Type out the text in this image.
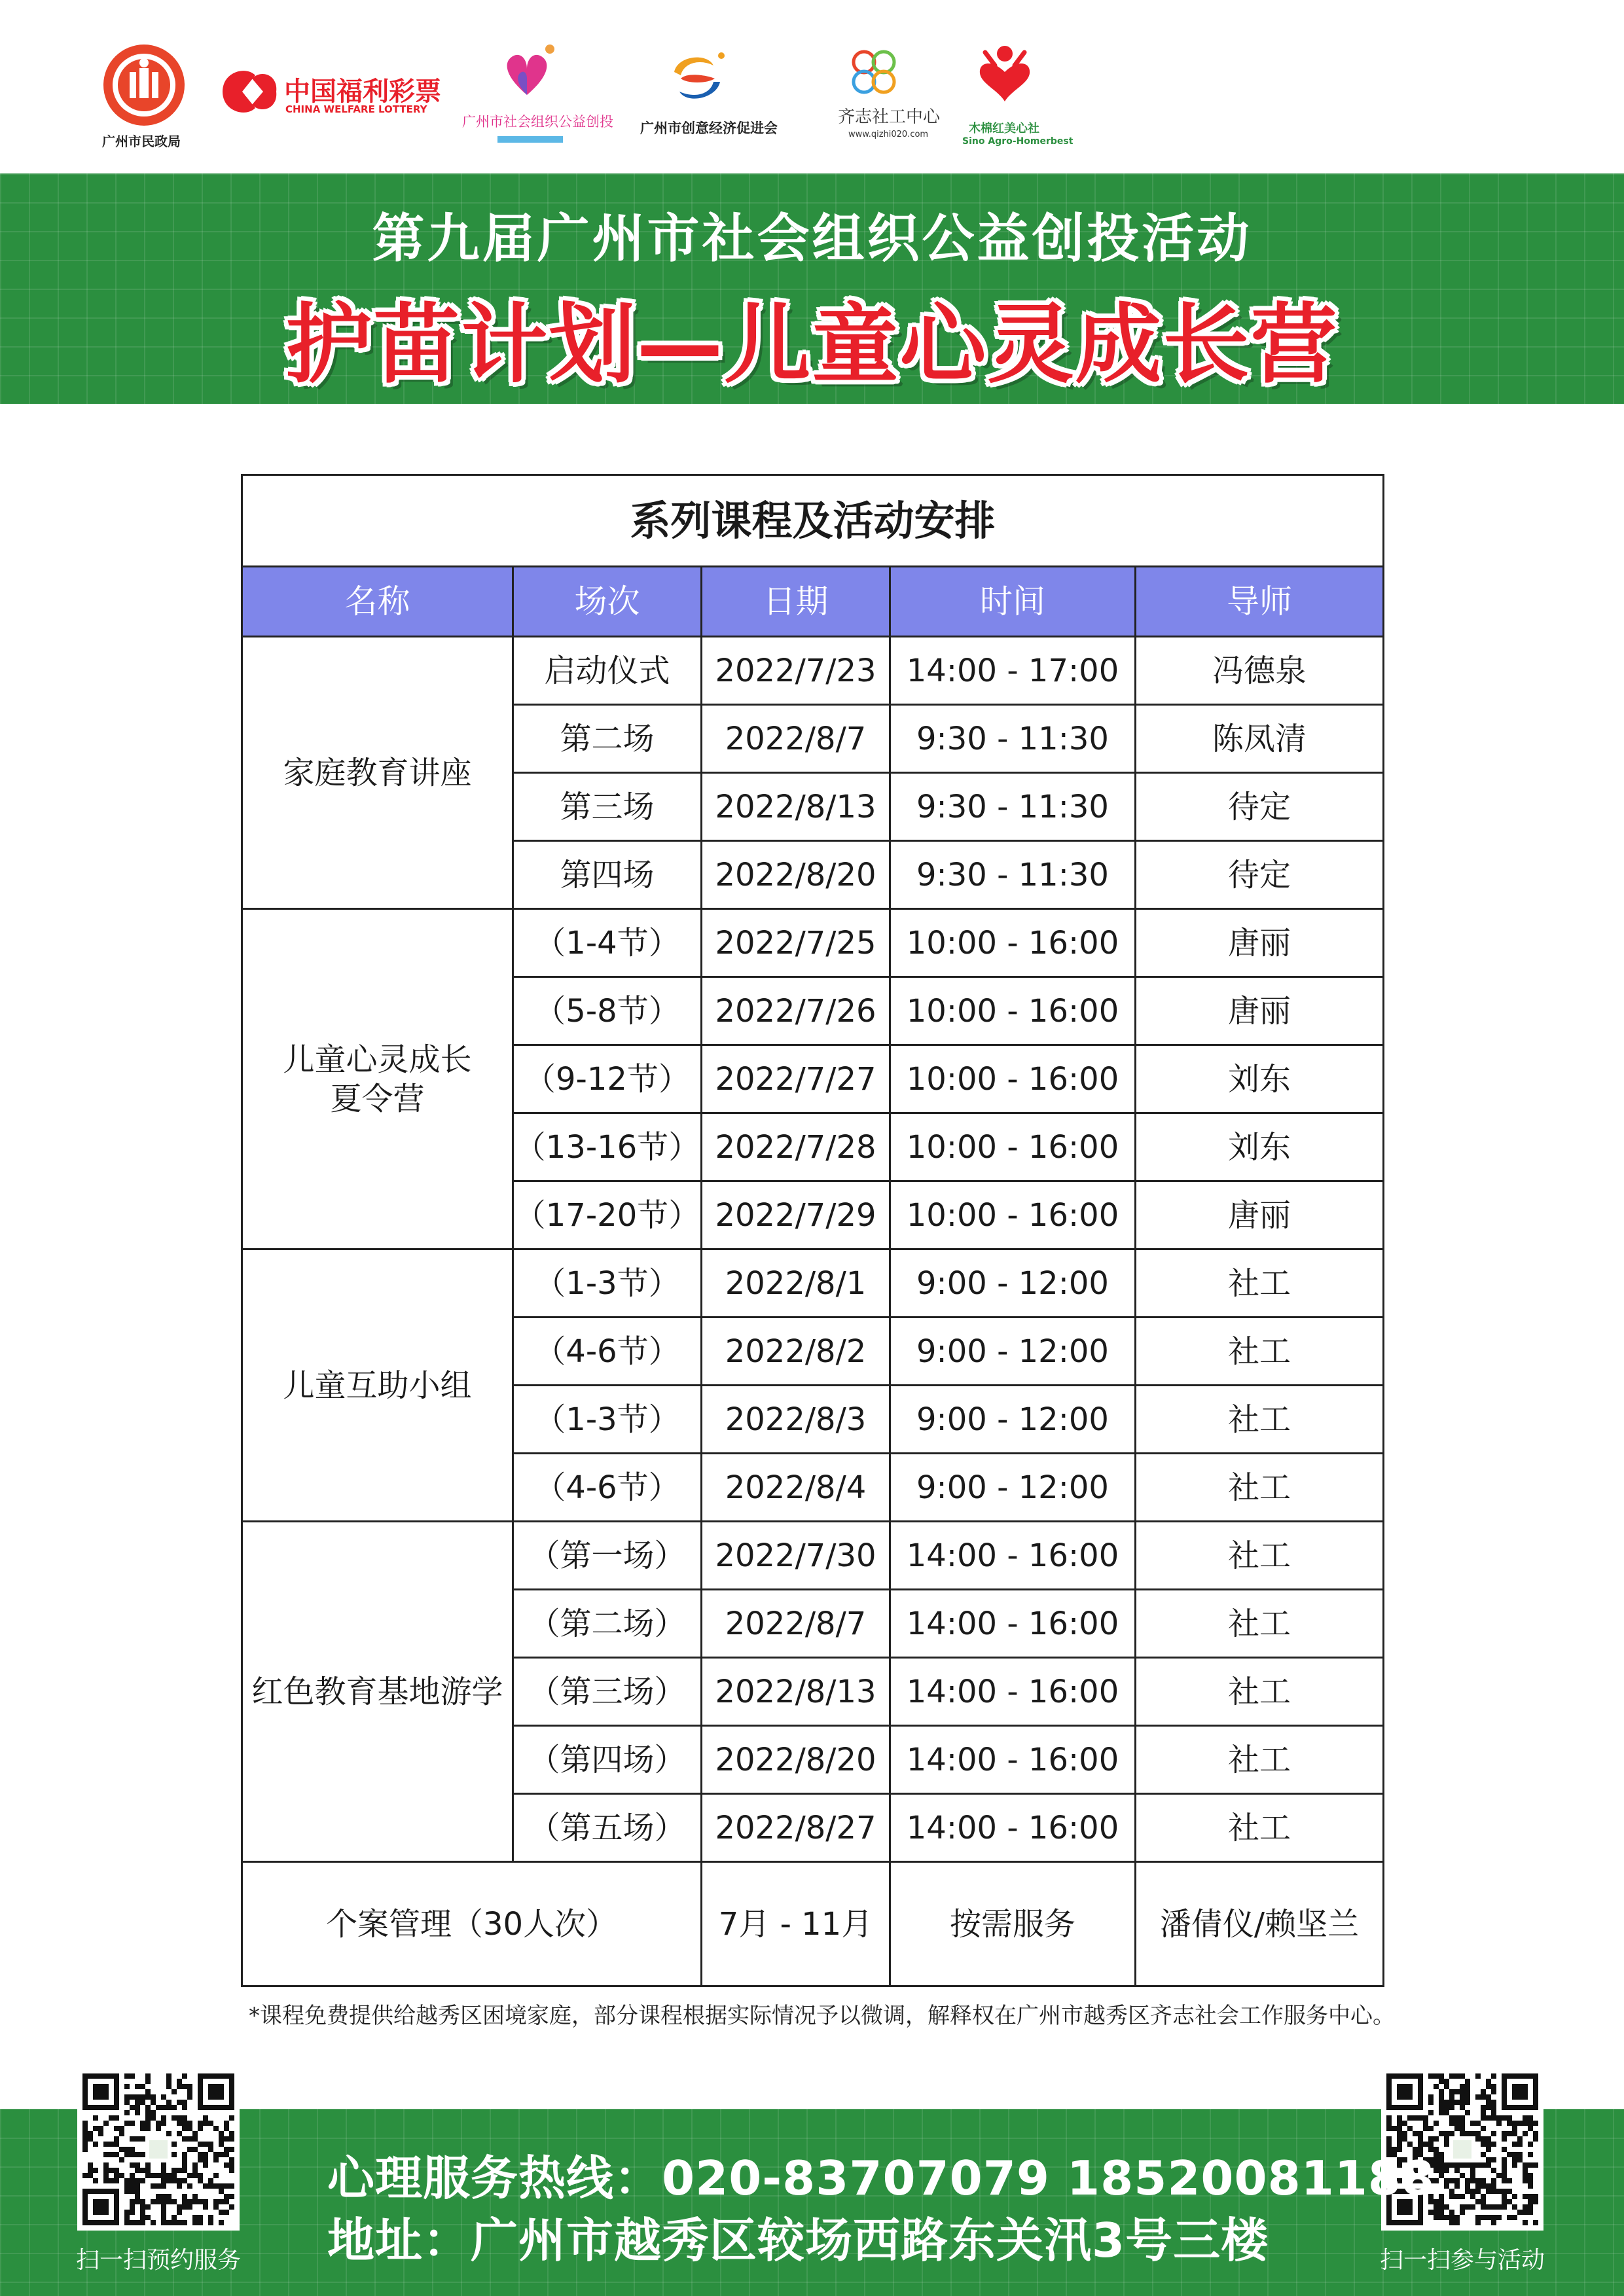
广州市民政局
中国福利彩票
CHINA WELFARE LOTTERY
广州市社会组织公益创投 广州市创意经济促进会
齐志社工中心
www.qizhi020.com	木棉红美心社
Sino Agro-Homerbest
第九届广州市社会组织公益创投活动
护苗计划—儿童心灵成长营
系列课程及活动安排				
名称	场次	日期	时间	导师
家庭教育讲座	启动仪式	2022/7/23	14:00 - 17:00	冯德泉
	第二场	2022/8/7	9:30 - 11:30	陈凤清
	第三场	2022/8/13	9:30 - 11:30	待定
	第四场	2022/8/20	9:30 - 11:30	待定
儿童心灵成长
夏令营	（1-4节）	2022/7/25	10:00 - 16:00	唐丽
	（5-8节）	2022/7/26	10:00 - 16:00	唐丽
	（9-12节）	2022/7/27	10:00 - 16:00	刘东
	（13-16节）	2022/7/28	10:00 - 16:00	刘东
	（17-20节）	2022/7/29	10:00 - 16:00	唐丽
儿童互助小组	（1-3节）	2022/8/1	9:00 - 12:00	社工
	（4-6节）	2022/8/2	9:00 - 12:00	社工
	（1-3节）	2022/8/3	9:00 - 12:00	社工
	（4-6节）	2022/8/4	9:00 - 12:00	社工
红色教育基地游学	（第一场）	2022/7/30	14:00 - 16:00	社工
	（第二场）	2022/8/7	14:00 - 16:00	社工
	（第三场）	2022/8/13	14:00 - 16:00	社工
	（第四场）	2022/8/20	14:00 - 16:00	社工
	（第五场）	2022/8/27	14:00 - 16:00	社工
个案管理（30人次）		7月 - 11月	按需服务	潘倩仪/赖坚兰
*课程免费提供给越秀区困境家庭，部分课程根据实际情况予以微调，解释权在广州市越秀区齐志社会工作服务中心。
扫一扫预约服务	扫一扫参与活动
心理服务热线：020-83707079 18520081188
地址：广州市越秀区较场西路东关汛3号三楼
